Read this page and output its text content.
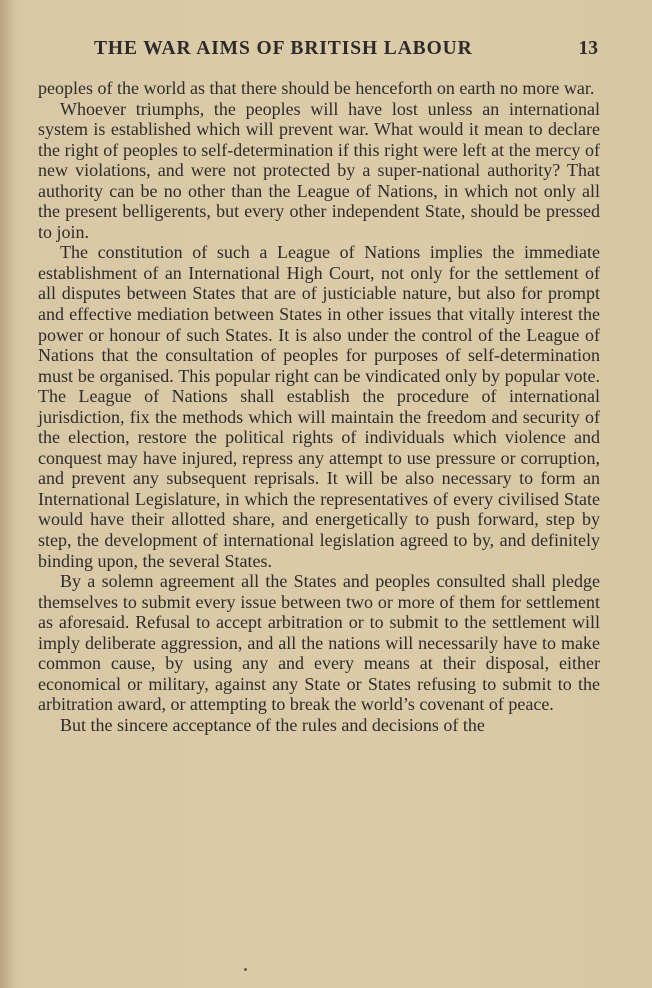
THE WAR AIMS OF BRITISH LABOUR	13

peoples of the world as that there should be henceforth on earth no more war.

Whoever triumphs, the peoples will have lost unless an international system is established which will prevent war. What would it mean to declare the right of peoples to self-determination if this right were left at the mercy of new violations, and were not protected by a super-national authority? That authority can be no other than the League of Nations, in which not only all the present belligerents, but every other independent State, should be pressed to join.

The constitution of such a League of Nations implies the immediate establishment of an International High Court, not only for the settlement of all disputes between States that are of justiciable nature, but also for prompt and effective mediation between States in other issues that vitally interest the power or honour of such States. It is also under the control of the League of Nations that the consultation of peoples for purposes of self-determination must be organised. This popular right can be vindicated only by popular vote. The League of Nations shall establish the procedure of international jurisdiction, fix the methods which will maintain the freedom and security of the election, restore the political rights of individuals which violence and conquest may have injured, repress any attempt to use pressure or corruption, and prevent any subsequent reprisals. It will be also necessary to form an International Legislature, in which the representatives of every civilised State would have their allotted share, and energetically to push forward, step by step, the development of international legislation agreed to by, and definitely binding upon, the several States.

By a solemn agreement all the States and peoples consulted shall pledge themselves to submit every issue between two or more of them for settlement as aforesaid. Refusal to accept arbitration or to submit to the settlement will imply deliberate aggression, and all the nations will necessarily have to make common cause, by using any and every means at their disposal, either economical or military, against any State or States refusing to submit to the arbitration award, or attempting to break the world’s covenant of peace.

But the sincere acceptance of the rules and decisions of the
